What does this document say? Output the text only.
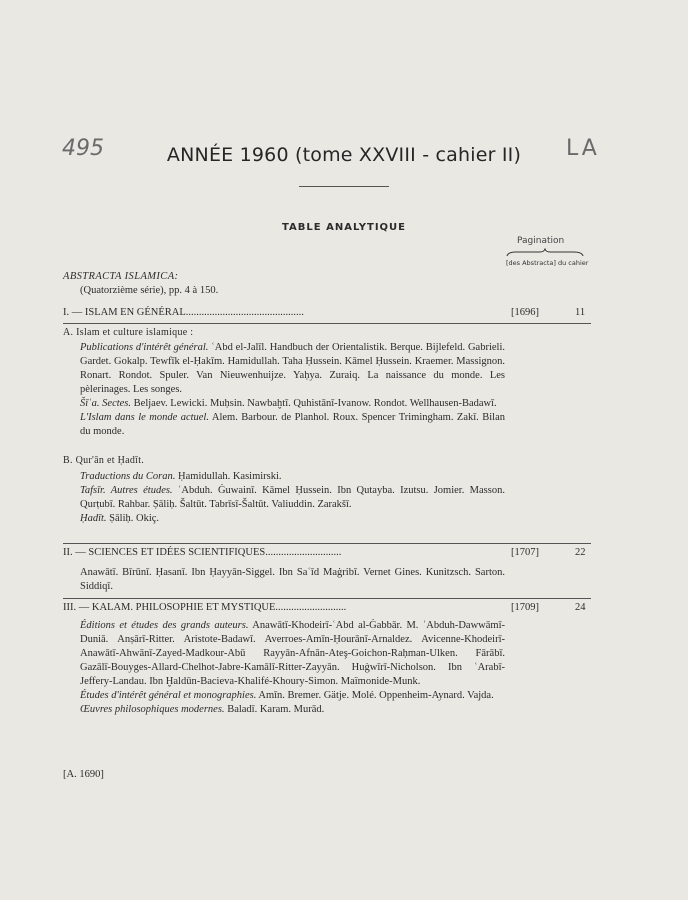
495	LA
ANNÉE 1960 (tome XXVIII - cahier II)
TABLE ANALYTIQUE
Pagination
[des Abstracta] du cahier
ABSTRACTA ISLAMICA:
(Quatorzième série), pp. 4 à 150.
I. — ISLAM EN GÉNÉRAL.............................................	[1696]	11
A. Islam et culture islamique :

Publications d'intérêt général. ʿAbd el-Jalīl. Handbuch der Orientalistik. Berque. Bijlefeld. Gabrieli. Gardet. Gokalp. Tewfīk el-Ḥakīm. Hamidullah. Taha Ḥussein. Kāmel Ḥussein. Kraemer. Massignon. Ronart. Rondot. Spuler. Van Nieuwenhuijze. Yaḥya. Zuraiq. La naissance du monde. Les pèlerinages. Les songes.

Šīʿa. Sectes. Beljaev. Lewicki. Muḥsin. Nawbaḫtī. Quhistānī-Ivanow. Rondot. Wellhausen-Badawī.

L'Islam dans le monde actuel. Alem. Barbour. de Planhol. Roux. Spencer Trimingham. Zakī. Bilan du monde.

B. Qur'ān et Ḥadīt.

Traductions du Coran. Ḥamidullah. Kasimirski.

Tafsīr. Autres études. ʿAbduh. Ġuwainī. Kāmel Ḥussein. Ibn Qutayba. Izutsu. Jomier. Masson. Qurṭubī. Rahbar. Ṣāliḥ. Šaltūt. Tabrīsī-Šaltūt. Valiuddin. Zarakšī.

Ḥadīt. Ṣāliḥ. Okiç.

II. — SCIENCES ET IDÉES SCIENTIFIQUES.............................	[1707]	22
Anawātī. Bīrūnī. Ḥasanī. Ibn Ḥayyān-Siggel. Ibn Saʿīd Maġribī. Vernet Gines. Kunitzsch. Sarton. Siddiqī.
III. — KALAM. PHILOSOPHIE ET MYSTIQUE...........................	[1709]	24

Éditions et études des grands auteurs. Anawātī-Khodeirī-ʿAbd al-Ġabbār. M. ʿAbduh-Dawwāmī-Duniā. Anṣārī-Ritter. Aristote-Badawī. Averroes-Amīn-Ḥourānī-Arnaldez. Avicenne-Khodeirī-Anawātī-Ahwānī-Zayed-Madkour-Abū Rayyān-Afnān-Ateş-Goichon-Raḥman-Ulken. Fārābī. Gazālī-Bouyges-Allard-Chelhot-Jabre-Kamālī-Ritter-Zayyān. Huġwīrī-Nicholson. Ibn ʿArabī-Jeffery-Landau. Ibn Ḫaldūn-Bacieva-Khalifé-Khoury-Simon. Maïmonide-Munk.

Études d'intérêt général et monographies. Amīn. Bremer. Gätje. Molé. Oppenheim-Aynard. Vajda.

Œuvres philosophiques modernes. Baladī. Karam. Murād.

[A. 1690]
